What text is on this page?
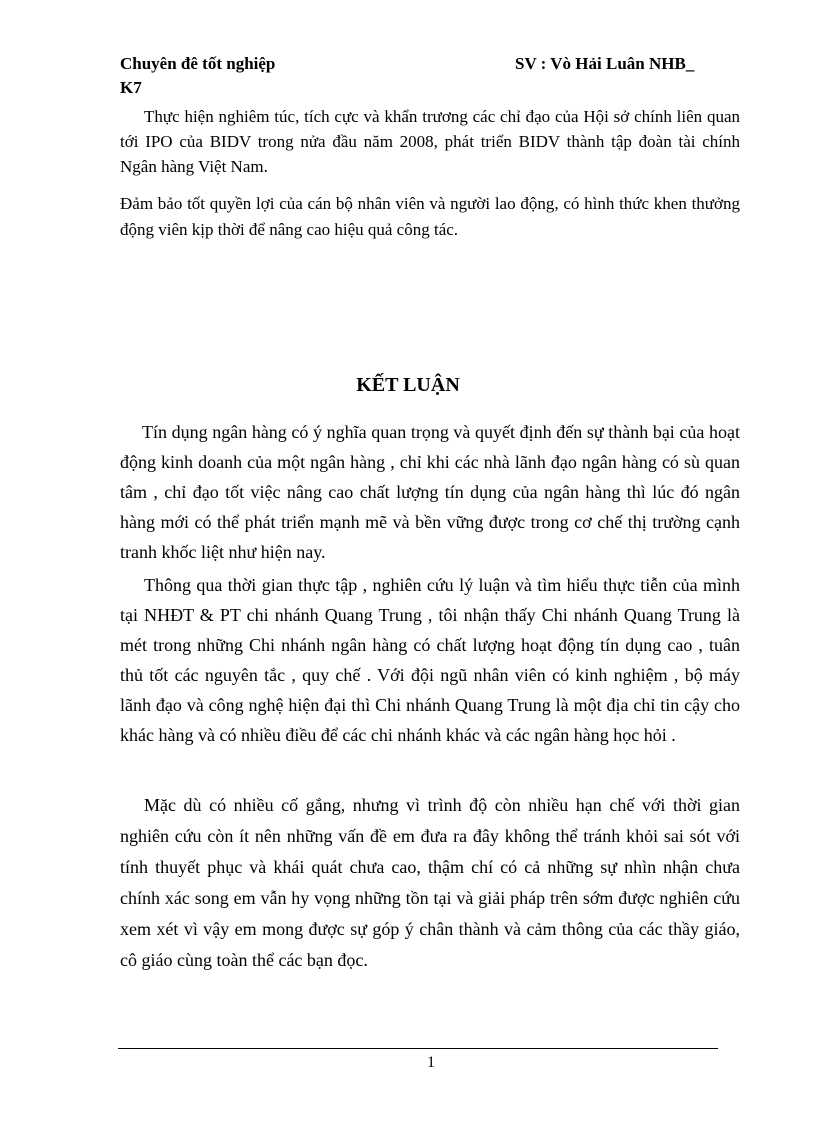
Chuyên đê tốt nghiệp	SV : Vò Hải Luân NHB_
K7
Thực hiện nghiêm túc, tích cực và khẩn trương các chỉ đạo của Hội sở chính liên quan tới IPO của BIDV trong nửa đầu năm 2008, phát triển BIDV thành tập đoàn tài chính Ngân hàng Việt Nam.
Đảm bảo tốt quyền lợi của cán bộ nhân viên và người lao động, có hình thức khen thưởng động viên kịp thời để nâng cao hiệu quả công tác.
KẾT LUẬN
Tín dụng ngân hàng có ý nghĩa quan trọng và quyết định đến sự thành bại của hoạt động kinh doanh của một ngân hàng , chỉ khi các nhà lãnh đạo ngân hàng có sù quan tâm , chỉ đạo tốt việc nâng cao chất lượng tín dụng của ngân hàng thì lúc đó ngân hàng mới có thể phát triển mạnh mẽ và bền vững được trong cơ chế thị trường cạnh tranh khốc liệt như hiện nay.
Thông qua thời gian thực tập , nghiên cứu lý luận và tìm hiểu thực tiễn của mình tại NHĐT & PT chi nhánh Quang Trung , tôi nhận thấy Chi nhánh Quang Trung là mét trong những Chi nhánh ngân hàng có chất lượng hoạt động tín dụng cao , tuân thủ tốt các nguyên tắc , quy chế . Với đội ngũ nhân viên có kinh nghiệm , bộ máy lãnh đạo và công nghệ hiện đại thì Chi nhánh Quang Trung là một địa chỉ tin cậy cho khác hàng và có nhiều điều để các chi nhánh khác và các ngân hàng học hỏi .
Mặc dù có nhiều cố gắng, nhưng vì trình độ còn nhiều hạn chế với thời gian nghiên cứu còn ít nên những vấn đề em đưa ra đây không thể tránh khỏi sai sót với tính thuyết phục và khái quát chưa cao, thậm chí có cả những sự nhìn nhận chưa chính xác song em vẫn hy vọng những tồn tại và giải pháp trên sớm được nghiên cứu xem xét vì vậy em mong được sự góp ý chân thành và cảm thông của các thầy giáo, cô giáo cùng toàn thể các bạn đọc.
1
